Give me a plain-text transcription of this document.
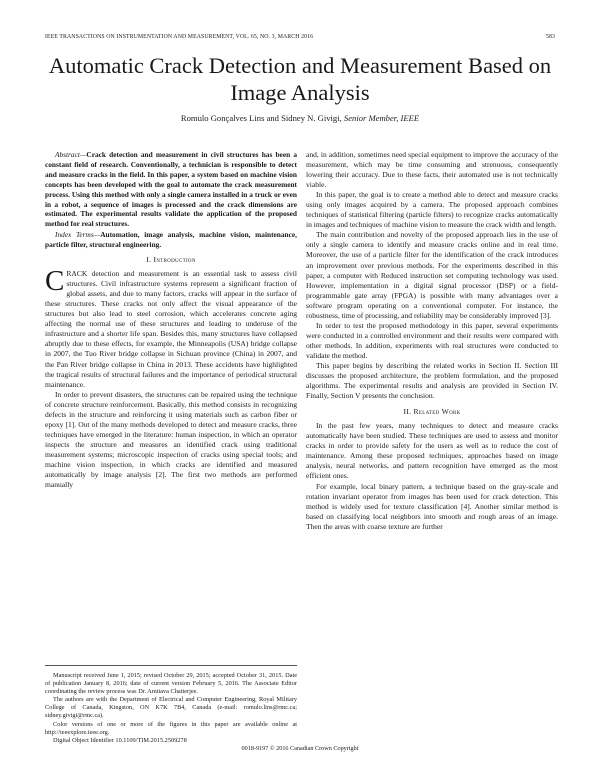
IEEE TRANSACTIONS ON INSTRUMENTATION AND MEASUREMENT, VOL. 65, NO. 3, MARCH 2016	583
Automatic Crack Detection and Measurement Based on Image Analysis
Romulo Gonçalves Lins and Sidney N. Givigi, Senior Member, IEEE

Abstract—Crack detection and measurement in civil structures has been a constant field of research. Conventionally, a technician is responsible to detect and measure cracks in the field. In this paper, a system based on machine vision concepts has been developed with the goal to automate the crack measurement process. Using this method with only a single camera installed in a truck or even in a robot, a sequence of images is processed and the crack dimensions are estimated. The experimental results validate the application of the proposed method for real structures.

Index Terms—Automation, image analysis, machine vision, maintenance, particle filter, structural engineering.

I. Introduction

CRACK detection and measurement is an essential task to assess civil structures. Civil infrastructure systems represent a significant fraction of global assets, and due to many factors, cracks will appear in the surface of these structures. These cracks not only affect the visual appearance of the structures but also lead to steel corrosion, which accelerates concrete aging affecting the normal use of these structures and leading to underuse of the infrastructure and a shorter life span. Besides this, many structures have collapsed abruptly due to these effects, for example, the Minneapolis (USA) bridge collapse in 2007, the Tuo River bridge collapse in Sichuan province (China) in 2007, and the Pan River bridge collapse in China in 2013. These accidents have highlighted the tragical results of structural failures and the importance of periodical structural maintenance.

In order to prevent disasters, the structures can be repaired using the technique of concrete structure reinforcement. Basically, this method consists in recognizing defects in the structure and reinforcing it using materials such as carbon fiber or epoxy [1]. Out of the many methods developed to detect and measure cracks, three techniques have emerged in the literature: human inspection, in which an operator inspects the structure and measures an identified crack using traditional measurement systems; microscopic inspection of cracks using special tools; and machine vision inspection, in which cracks are identified and measured automatically by image analysis [2]. The first two methods are performed manually

Manuscript received June 1, 2015; revised October 29, 2015; accepted October 31, 2015. Date of publication January 8, 2016; date of current version February 5, 2016. The Associate Editor coordinating the review process was Dr. Amitava Chatterjee.
The authors are with the Department of Electrical and Computer Engineering, Royal Military College of Canada, Kingston, ON K7K 7B4, Canada (e-mail: romulo.lins@rmc.ca; sidney.givigi@rmc.ca).
Color versions of one or more of the figures in this paper are available online at http://ieeexplore.ieee.org.
Digital Object Identifier 10.1109/TIM.2015.2509278

and, in addition, sometimes need special equipment to improve the accuracy of the measurement, which may be time consuming and strenuous, consequently lowering their accuracy. Due to these facts, their automated use is not technically viable.

In this paper, the goal is to create a method able to detect and measure cracks using only images acquired by a camera. The proposed approach combines techniques of statistical filtering (particle filters) to recognize cracks automatically in images and techniques of machine vision to measure the crack width and length.

The main contribution and novelty of the proposed approach lies in the use of only a single camera to identify and measure cracks online and in real time. Moreover, the use of a particle filter for the identification of the crack introduces an improvement over previous methods. For the experiments described in this paper, a computer with Reduced instruction set computing technology was used. However, implementation in a digital signal processor (DSP) or a field-programmable gate array (FPGA) is possible with many advantages over a software program operating on a conventional computer. For instance, the robustness, time of processing, and reliability may be considerably improved [3].

In order to test the proposed methodology in this paper, several experiments were conducted in a controlled environment and their results were compared with other methods. In addition, experiments with real structures were conducted to validate the method.

This paper begins by describing the related works in Section II. Section III discusses the proposed architecture, the problem formulation, and the proposed algorithms. The experimental results and analysis are provided in Section IV. Finally, Section V presents the conclusion.

II. Related Work

In the past few years, many techniques to detect and measure cracks automatically have been studied. These techniques are used to assess and monitor cracks in order to provide safety for the users as well as to reduce the cost of maintenance. Among these proposed techniques, approaches based on image analysis, neural networks, and pattern recognition have emerged as the most efficient ones.

For example, local binary pattern, a technique based on the gray-scale and rotation invariant operator from images has been used for crack detection. This method is widely used for texture classification [4]. Another similar method is based on classifying local neighbors into smooth and rough areas of an image. Then the areas with coarse texture are further

0018-9197 © 2016 Canadian Crown Copyright
